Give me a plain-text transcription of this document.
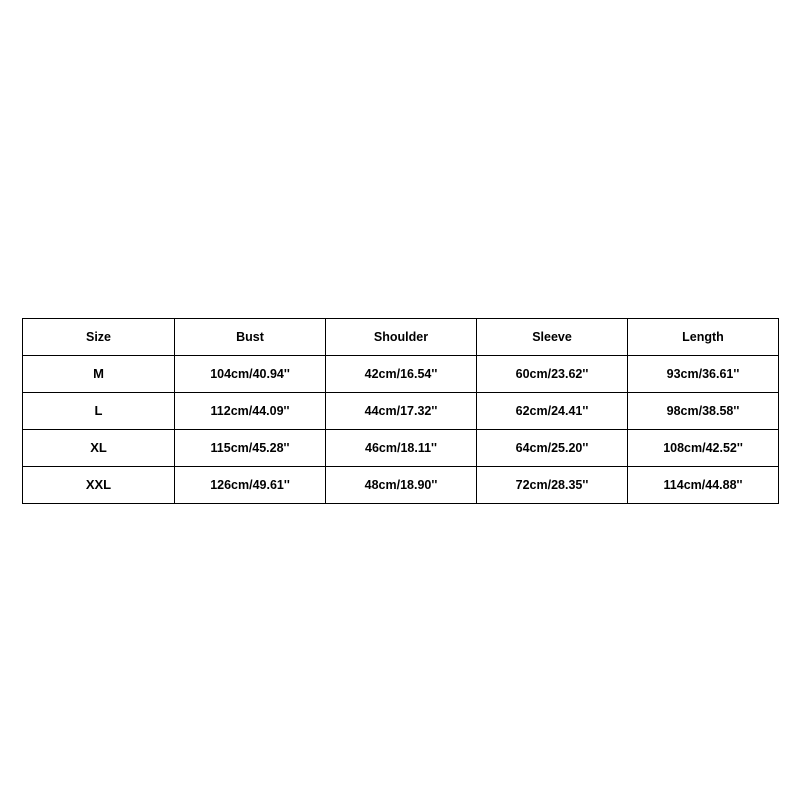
Size	Bust	Shoulder	Sleeve	Length
M	104cm/40.94''	42cm/16.54''	60cm/23.62''	93cm/36.61''
L	112cm/44.09''	44cm/17.32''	62cm/24.41''	98cm/38.58''
XL	115cm/45.28''	46cm/18.11''	64cm/25.20''	108cm/42.52''
XXL	126cm/49.61''	48cm/18.90''	72cm/28.35''	114cm/44.88''
